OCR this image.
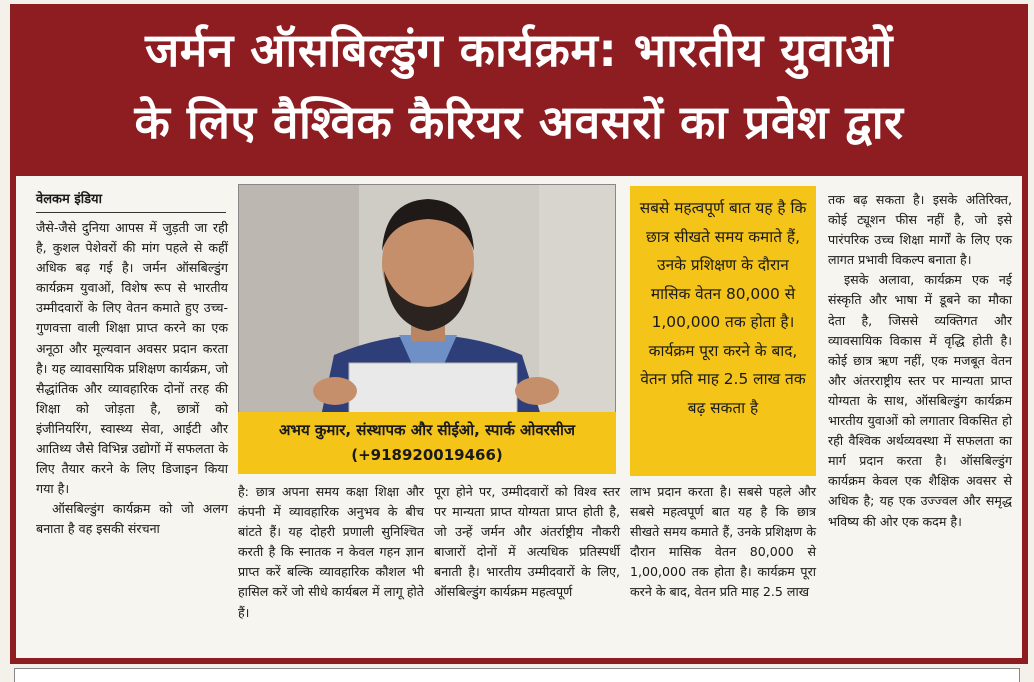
जर्मन ऑसबिल्डुंग कार्यक्रम: भारतीय युवाओं
के लिए वैश्विक कैरियर अवसरों का प्रवेश द्वार
वेलकम इंडिया

जैसे-जैसे दुनिया आपस में जुड़ती जा रही है, कुशल पेशेवरों की मांग पहले से कहीं अधिक बढ़ गई है। जर्मन ऑसबिल्डुंग कार्यक्रम युवाओं, विशेष रूप से भारतीय उम्मीदवारों के लिए वेतन कमाते हुए उच्च-गुणवत्ता वाली शिक्षा प्राप्त करने का एक अनूठा और मूल्यवान अवसर प्रदान करता है। यह व्यावसायिक प्रशिक्षण कार्यक्रम, जो सैद्धांतिक और व्यावहारिक दोनों तरह की शिक्षा को जोड़ता है, छात्रों को इंजीनियरिंग, स्वास्थ्य सेवा, आईटी और आतिथ्य जैसे विभिन्न उद्योगों में सफलता के लिए तैयार करने के लिए डिजाइन किया गया है।

ऑसबिल्डुंग कार्यक्रम को जो अलग बनाता है वह इसकी संरचना

अभय कुमार, संस्थापक और सीईओ, स्पार्क ओवरसीज
(+918920019466)
सबसे महत्वपूर्ण बात यह है कि छात्र सीखते समय कमाते हैं, उनके प्रशिक्षण के दौरान मासिक वेतन 80,000 से 1,00,000 तक होता है। कार्यक्रम पूरा करने के बाद, वेतन प्रति माह 2.5 लाख तक बढ़ सकता है
है: छात्र अपना समय कक्षा शिक्षा और कंपनी में व्यावहारिक अनुभव के बीच बांटते हैं। यह दोहरी प्रणाली सुनिश्चित करती है कि स्नातक न केवल गहन ज्ञान प्राप्त करें बल्कि व्यावहारिक कौशल भी हासिल करें जो सीधे कार्यबल में लागू होते हैं।
पूरा होने पर, उम्मीदवारों को विश्व स्तर पर मान्यता प्राप्त योग्यता प्राप्त होती है, जो उन्हें जर्मन और अंतर्राष्ट्रीय नौकरी बाजारों दोनों में अत्यधिक प्रतिस्पर्धी बनाती है। भारतीय उम्मीदवारों के लिए, ऑसबिल्डुंग कार्यक्रम महत्वपूर्ण
लाभ प्रदान करता है। सबसे पहले और सबसे महत्वपूर्ण बात यह है कि छात्र सीखते समय कमाते हैं, उनके प्रशिक्षण के दौरान मासिक वेतन 80,000 से 1,00,000 तक होता है। कार्यक्रम पूरा करने के बाद, वेतन प्रति माह 2.5 लाख

तक बढ़ सकता है। इसके अतिरिक्त, कोई ट्यूशन फीस नहीं है, जो इसे पारंपरिक उच्च शिक्षा मार्गों के लिए एक लागत प्रभावी विकल्प बनाता है।

इसके अलावा, कार्यक्रम एक नई संस्कृति और भाषा में डूबने का मौका देता है, जिससे व्यक्तिगत और व्यावसायिक विकास में वृद्धि होती है। कोई छात्र ऋण नहीं, एक मजबूत वेतन और अंतरराष्ट्रीय स्तर पर मान्यता प्राप्त योग्यता के साथ, ऑसबिल्डुंग कार्यक्रम भारतीय युवाओं को लगातार विकसित हो रही वैश्विक अर्थव्यवस्था में सफलता का मार्ग प्रदान करता है। ऑसबिल्डुंग कार्यक्रम केवल एक शैक्षिक अवसर से अधिक है; यह एक उज्ज्वल और समृद्ध भविष्य की ओर एक कदम है।
